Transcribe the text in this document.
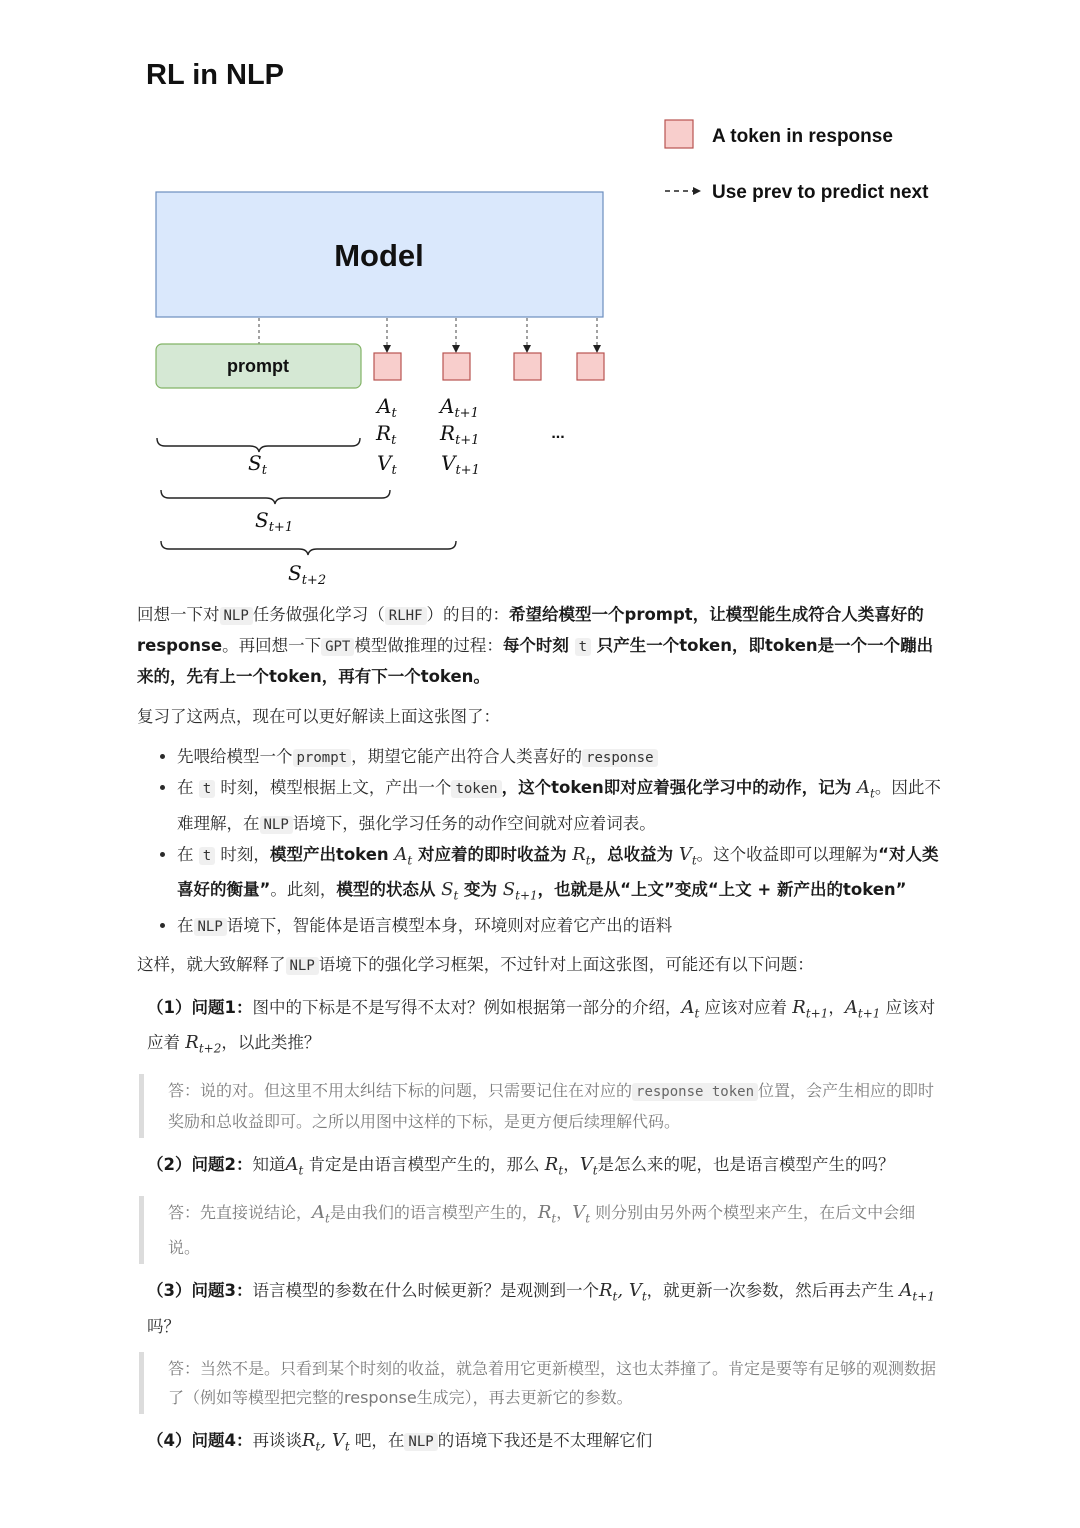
RL in NLP
A token in response
Use prev to predict next
Model
prompt
$A_t$
$R_t$
$V_t$
$A_{t+1}$
$R_{t+1}$
$V_{t+1}$
...
$S_t$
$S_{t+1}$
$S_{t+2}$

回想一下对 NLP 任务做强化学习（ RLHF ）的目的：希望给模型一个prompt，让模型能生成符合人类喜好的response。再回想一下 GPT 模型做推理的过程：每个时刻 t 只产生一个token，即token是一个一个蹦出来的，先有上一个token，再有下一个token。

复习了这两点，现在可以更好解读上面这张图了：

• 先喂给模型一个 prompt ，期望它能产出符合人类喜好的 response
• 在 t 时刻，模型根据上文，产出一个 token ，这个token即对应着强化学习中的动作，记为 $A_t$。因此不难理解，在 NLP 语境下，强化学习任务的动作空间就对应着词表。
• 在 t 时刻，模型产出token $A_t$ 对应着的即时收益为 $R_t$，总收益为 $V_t$。这个收益即可以理解为“对人类喜好的衡量”。此刻，模型的状态从 $S_t$ 变为 $S_{t+1}$，也就是从“上文”变成“上文 + 新产出的token”
• 在 NLP 语境下，智能体是语言模型本身，环境则对应着它产出的语料

这样，就大致解释了 NLP 语境下的强化学习框架，不过针对上面这张图，可能还有以下问题：

（1）问题1：图中的下标是不是写得不太对？例如根据第一部分的介绍，$A_t$ 应该对应着 $R_{t+1}$，$A_{t+1}$ 应该对应着 $R_{t+2}$，以此类推？

答：说的对。但这里不用太纠结下标的问题，只需要记住在对应的 response token 位置，会产生相应的即时奖励和总收益即可。之所以用图中这样的下标，是更方便后续理解代码。

（2）问题2：知道$A_t$ 肯定是由语言模型产生的，那么 $R_t$，$V_t$是怎么来的呢，也是语言模型产生的吗？

答：先直接说结论，$A_t$是由我们的语言模型产生的，$R_t$，$V_t$ 则分别由另外两个模型来产生，在后文中会细说。

（3）问题3：语言模型的参数在什么时候更新？是观测到一个$R_t$, $V_t$，就更新一次参数，然后再去产生 $A_{t+1}$ 吗？

答：当然不是。只看到某个时刻的收益，就急着用它更新模型，这也太莽撞了。肯定是要等有足够的观测数据了（例如等模型把完整的response生成完），再去更新它的参数。

（4）问题4：再谈谈$R_t$, $V_t$ 吧，在 NLP 的语境下我还是不太理解它们
